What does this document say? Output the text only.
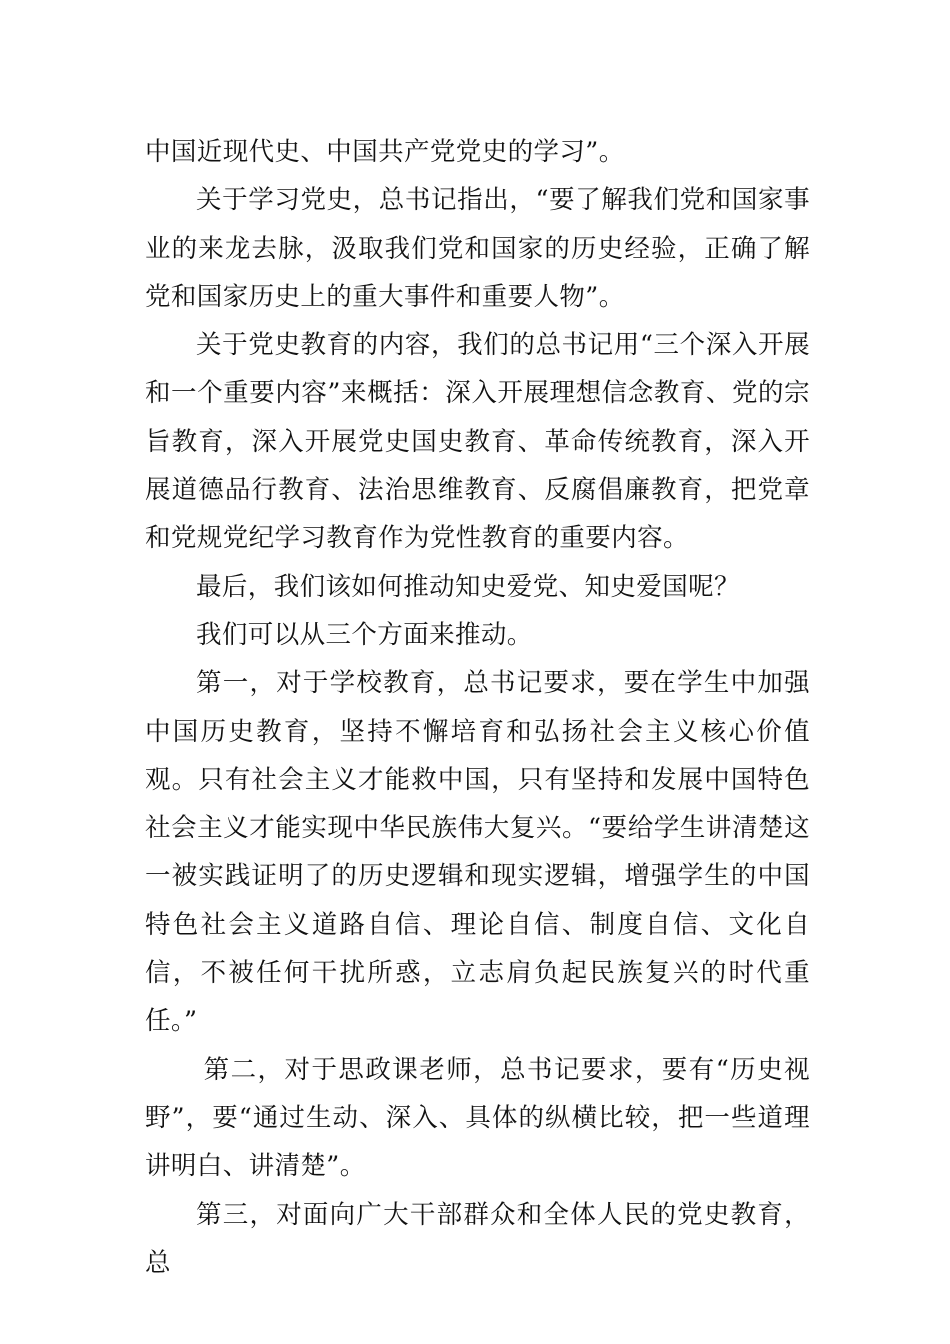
中国近现代史、中国共产党党史的学习”。

关于学习党史，总书记指出，“要了解我们党和国家事业的来龙去脉，汲取我们党和国家的历史经验，正确了解党和国家历史上的重大事件和重要人物”。

关于党史教育的内容，我们的总书记用“三个深入开展和一个重要内容”来概括：深入开展理想信念教育、党的宗旨教育，深入开展党史国史教育、革命传统教育，深入开展道德品行教育、法治思维教育、反腐倡廉教育，把党章和党规党纪学习教育作为党性教育的重要内容。

最后，我们该如何推动知史爱党、知史爱国呢？

我们可以从三个方面来推动。

第一，对于学校教育，总书记要求，要在学生中加强中国历史教育，坚持不懈培育和弘扬社会主义核心价值观。只有社会主义才能救中国，只有坚持和发展中国特色社会主义才能实现中华民族伟大复兴。“要给学生讲清楚这一被实践证明了的历史逻辑和现实逻辑，增强学生的中国特色社会主义道路自信、理论自信、制度自信、文化自信，不被任何干扰所惑，立志肩负起民族复兴的时代重任。”

第二，对于思政课老师，总书记要求，要有“历史视野”，要“通过生动、深入、具体的纵横比较，把一些道理讲明白、讲清楚”。

第三，对面向广大干部群众和全体人民的党史教育，总
